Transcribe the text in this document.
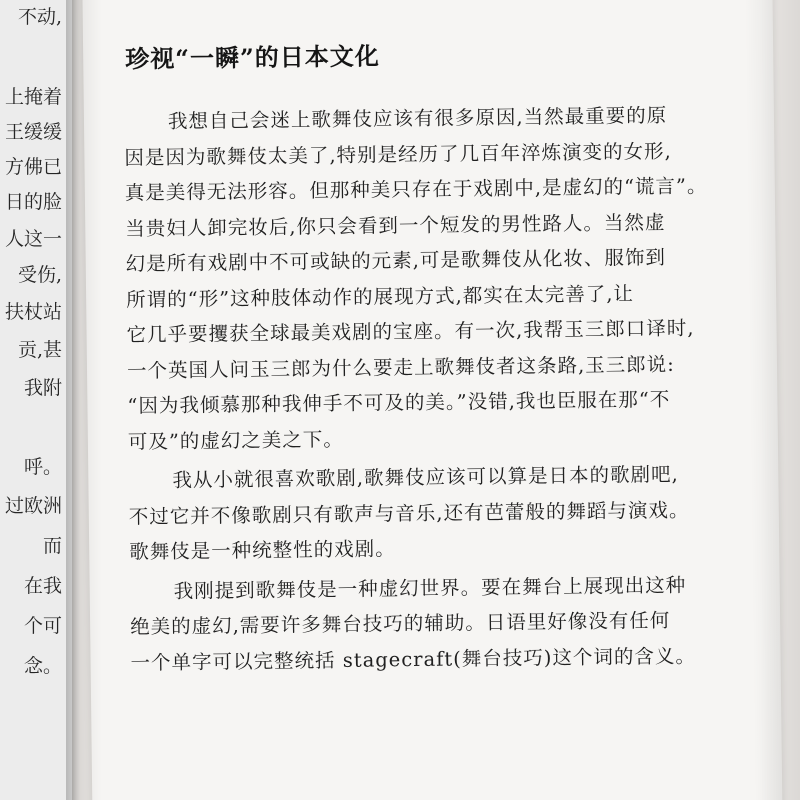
不动,
上掩着
王缓缓
方佛已
日的脸
人这一
受伤,
扶杖站
贡,甚
我附
呼。
过欧洲
而
在我
个可
念。
珍视“一瞬”的日本文化
我想自己会迷上歌舞伎应该有很多原因,当然最重要的原
因是因为歌舞伎太美了,特别是经历了几百年淬炼演变的女形,
真是美得无法形容。但那种美只存在于戏剧中,是虚幻的“谎言”。
当贵妇人卸完妆后,你只会看到一个短发的男性路人。当然虚
幻是所有戏剧中不可或缺的元素,可是歌舞伎从化妆、服饰到
所谓的“形”这种肢体动作的展现方式,都实在太完善了,让
它几乎要攫获全球最美戏剧的宝座。有一次,我帮玉三郎口译时,
一个英国人问玉三郎为什么要走上歌舞伎者这条路,玉三郎说:
“因为我倾慕那种我伸手不可及的美。”没错,我也臣服在那“不
可及”的虚幻之美之下。
我从小就很喜欢歌剧,歌舞伎应该可以算是日本的歌剧吧,
不过它并不像歌剧只有歌声与音乐,还有芭蕾般的舞蹈与演戏。
歌舞伎是一种统整性的戏剧。
我刚提到歌舞伎是一种虚幻世界。要在舞台上展现出这种
绝美的虚幻,需要许多舞台技巧的辅助。日语里好像没有任何
一个单字可以完整统括 stagecraft(舞台技巧)这个词的含义。
